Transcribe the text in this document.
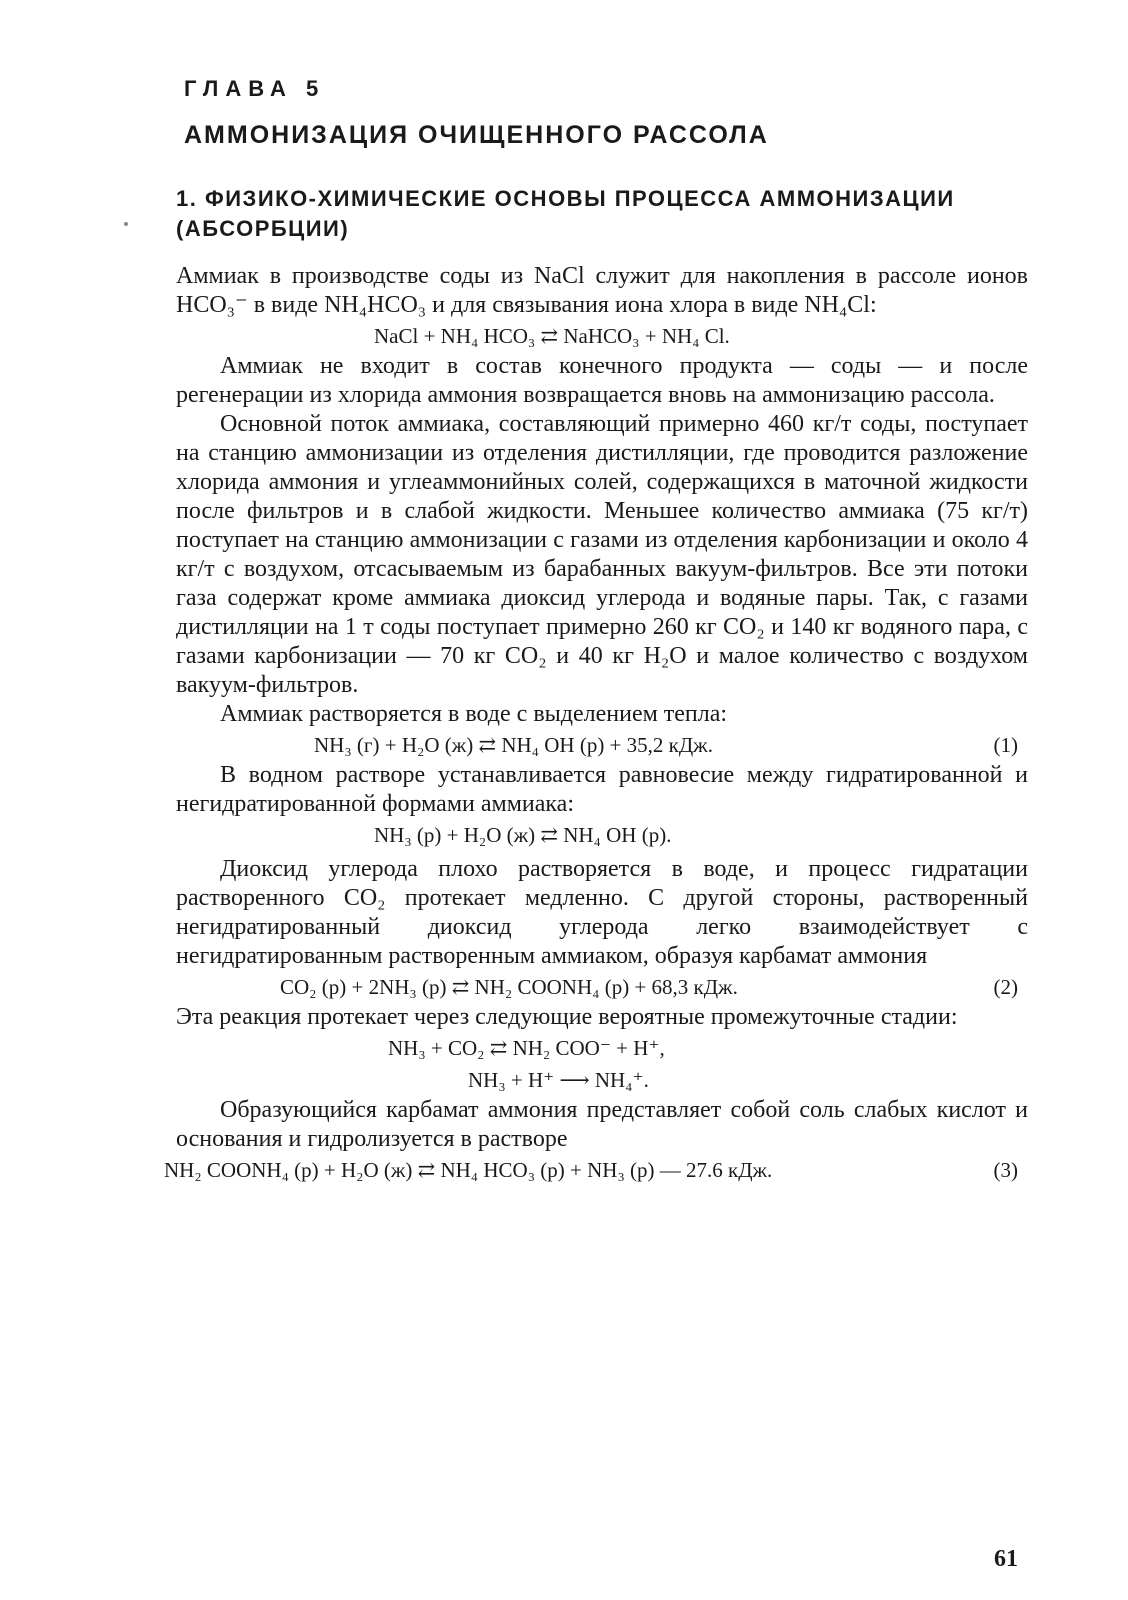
ГЛАВА 5
АММОНИЗАЦИЯ ОЧИЩЕННОГО РАССОЛА
1. ФИЗИКО-ХИМИЧЕСКИЕ ОСНОВЫ ПРОЦЕССА АММОНИЗАЦИИ (АБСОРБЦИИ)

Аммиак в производстве соды из NaCl служит для накопления в рассоле ионов HCO₃⁻ в виде NH₄HCO₃ и для связывания иона хлора в виде NH₄Cl:

NaCl + NH₄ HCO₃ ⇄ NaHCO₃ + NH₄ Cl.

Аммиак не входит в состав конечного продукта — соды — и после регенерации из хлорида аммония возвращается вновь на аммонизацию рассола.

Основной поток аммиака, составляющий примерно 460 кг/т соды, поступает на станцию аммонизации из отделения дистилляции, где проводится разложение хлорида аммония и углеаммонийных солей, содержащихся в маточной жидкости после фильтров и в слабой жидкости. Меньшее количество аммиака (75 кг/т) поступает на станцию аммонизации с газами из отделения карбонизации и около 4 кг/т с воздухом, отсасываемым из барабанных вакуум-фильтров. Все эти потоки газа содержат кроме аммиака диоксид углерода и водяные пары. Так, с газами дистилляции на 1 т соды поступает примерно 260 кг CO₂ и 140 кг водяного пара, с газами карбонизации — 70 кг CO₂ и 40 кг H₂O и малое количество с воздухом вакуум-фильтров.

Аммиак растворяется в воде с выделением тепла:

NH₃ (г) + H₂O (ж) ⇄ NH₄ OH (р) + 35,2 кДж.	(1)

В водном растворе устанавливается равновесие между гидратированной и негидратированной формами аммиака:

NH₃ (р) + H₂O (ж) ⇄ NH₄ OH (р).

Диоксид углерода плохо растворяется в воде, и процесс гидратации растворенного CO₂ протекает медленно. С другой стороны, растворенный негидратированный диоксид углерода легко взаимодействует с негидратированным растворенным аммиаком, образуя карбамат аммония

CO₂ (р) + 2NH₃ (р) ⇄ NH₂ COONH₄ (р) + 68,3 кДж.	(2)

Эта реакция протекает через следующие вероятные промежуточные стадии:

NH₃ + CO₂ ⇄ NH₂ COO⁻ + H⁺,
NH₃ + H⁺ ⟶ NH₄⁺.

Образующийся карбамат аммония представляет собой соль слабых кислот и основания и гидролизуется в растворе

NH₂ COONH₄ (р) + H₂O (ж) ⇄ NH₄ HCO₃ (р) + NH₃ (р) — 27.6 кДж.	(3)
61
